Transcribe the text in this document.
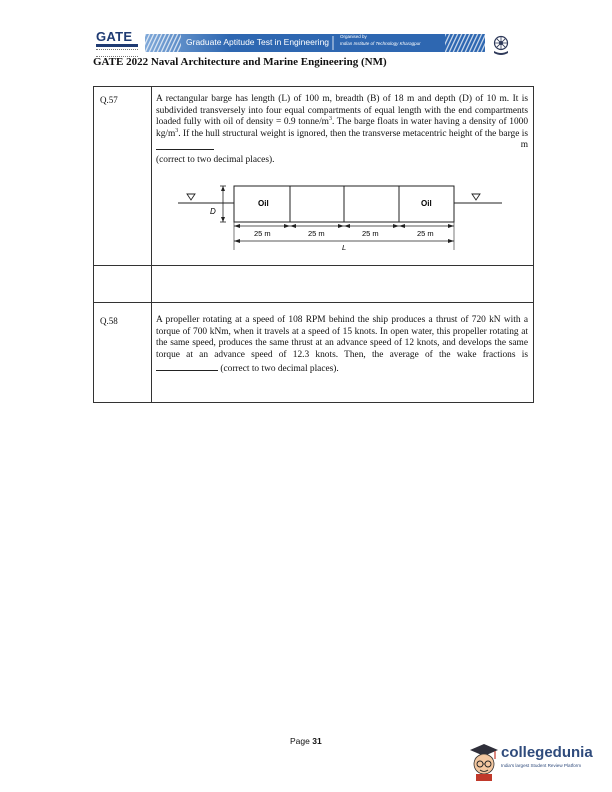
GATE	Graduate Aptitude Test in Engineering
Organised by
Indian Institute of Technology Kharagpur
GATE 2022 Naval Architecture and Marine Engineering (NM)
Q.57	A rectangular barge has length (L) of 100 m, breadth (B) of 18 m and depth (D) of 10 m. It is subdivided transversely into four equal compartments of equal length with the end compartments loaded fully with oil of density = 0.9 tonne/$m^3$. The barge floats in water having a density of 1000 $kg/m^3$. If the hull structural weight is ignored, then the transverse metacentric height of the barge is
m

(correct to two decimal places).
Oil	Oil
D
25 m	25 m	25 m	25 m
L
Q.58	A propeller rotating at a speed of 108 RPM behind the ship produces a thrust of 720 kN with a torque of 700 kNm, when it travels at a speed of 15 knots. In open water, this propeller rotating at the same speed, produces the same thrust at an advance speed of 12 knots, and develops the same torque at an advance speed of 12.3 knots. Then, the average of the wake fractions is  (correct to two decimal places).
Page 31
collegedunia
India's largest Student Review Platform
